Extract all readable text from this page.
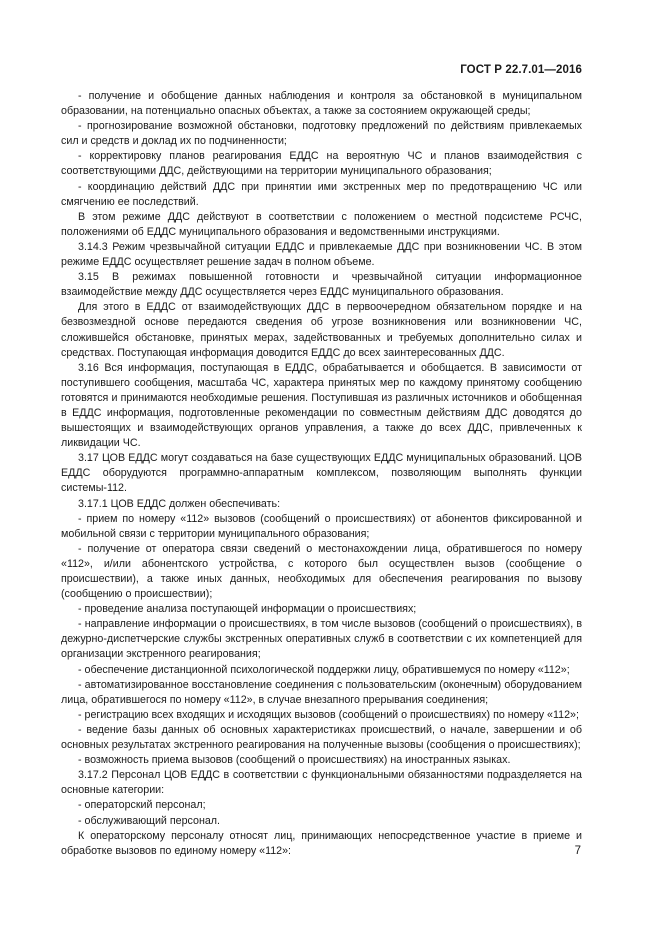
ГОСТ Р 22.7.01—2016

- получение и обобщение данных наблюдения и контроля за обстановкой в муниципальном образовании, на потенциально опасных объектах, а также за состоянием окружающей среды;

- прогнозирование возможной обстановки, подготовку предложений по действиям привлекаемых сил и средств и доклад их по подчиненности;

- корректировку планов реагирования ЕДДС на вероятную ЧС и планов взаимодействия с соответствующими ДДС, действующими на территории муниципального образования;

- координацию действий ДДС при принятии ими экстренных мер по предотвращению ЧС или смягчению ее последствий.

В этом режиме ДДС действуют в соответствии с положением о местной подсистеме РСЧС, положениями об ЕДДС муниципального образования и ведомственными инструкциями.

3.14.3 Режим чрезвычайной ситуации ЕДДС и привлекаемые ДДС при возникновении ЧС. В этом режиме ЕДДС осуществляет решение задач в полном объеме.

3.15 В режимах повышенной готовности и чрезвычайной ситуации информационное взаимодействие между ДДС осуществляется через ЕДДС муниципального образования.

Для этого в ЕДДС от взаимодействующих ДДС в первоочередном обязательном порядке и на безвозмездной основе передаются сведения об угрозе возникновения или возникновении ЧС, сложившейся обстановке, принятых мерах, задействованных и требуемых дополнительно силах и средствах. Поступающая информация доводится ЕДДС до всех заинтересованных ДДС.

3.16 Вся информация, поступающая в ЕДДС, обрабатывается и обобщается. В зависимости от поступившего сообщения, масштаба ЧС, характера принятых мер по каждому принятому сообщению готовятся и принимаются необходимые решения. Поступившая из различных источников и обобщенная в ЕДДС информация, подготовленные рекомендации по совместным действиям ДДС доводятся до вышестоящих и взаимодействующих органов управления, а также до всех ДДС, привлеченных к ликвидации ЧС.

3.17 ЦОВ ЕДДС могут создаваться на базе существующих ЕДДС муниципальных образований. ЦОВ ЕДДС оборудуются программно-аппаратным комплексом, позволяющим выполнять функции системы-112.

3.17.1 ЦОВ ЕДДС должен обеспечивать:

- прием по номеру «112» вызовов (сообщений о происшествиях) от абонентов фиксированной и мобильной связи с территории муниципального образования;

- получение от оператора связи сведений о местонахождении лица, обратившегося по номеру «112», и/или абонентского устройства, с которого был осуществлен вызов (сообщение о происшествии), а также иных данных, необходимых для обеспечения реагирования по вызову (сообщению о происшествии);

- проведение анализа поступающей информации о происшествиях;

- направление информации о происшествиях, в том числе вызовов (сообщений о происшествиях), в дежурно-диспетчерские службы экстренных оперативных служб в соответствии с их компетенцией для организации экстренного реагирования;

- обеспечение дистанционной психологической поддержки лицу, обратившемуся по номеру «112»;

- автоматизированное восстановление соединения с пользовательским (оконечным) оборудованием лица, обратившегося по номеру «112», в случае внезапного прерывания соединения;

- регистрацию всех входящих и исходящих вызовов (сообщений о происшествиях) по номеру «112»;

- ведение базы данных об основных характеристиках происшествий, о начале, завершении и об основных результатах экстренного реагирования на полученные вызовы (сообщения о происшествиях);

- возможность приема вызовов (сообщений о происшествиях) на иностранных языках.

3.17.2 Персонал ЦОВ ЕДДС в соответствии с функциональными обязанностями подразделяется на основные категории:

- операторский персонал;

- обслуживающий персонал.

К операторскому персоналу относят лиц, принимающих непосредственное участие в приеме и обработке вызовов по единому номеру «112»:	7
